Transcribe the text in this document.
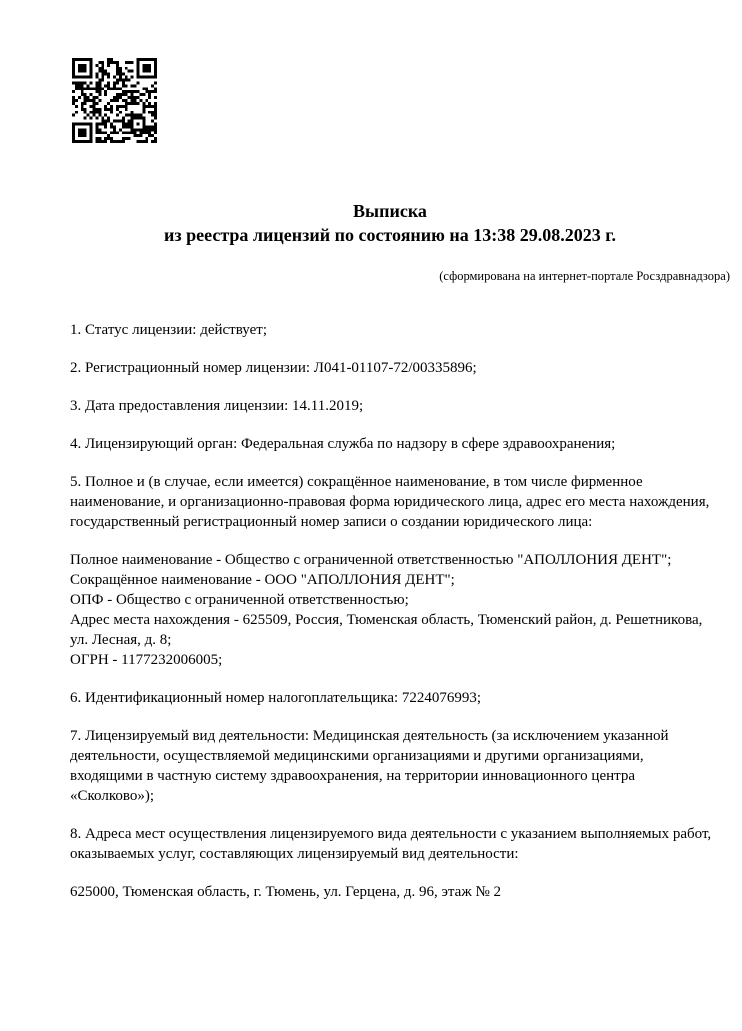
Выписка
из реестра лицензий по состоянию на 13:38 29.08.2023 г.
(сформирована на интернет-портале Росздравнадзора)

1. Статус лицензии: действует;

2. Регистрационный номер лицензии: Л041-01107-72/00335896;

3. Дата предоставления лицензии: 14.11.2019;

4. Лицензирующий орган: Федеральная служба по надзору в сфере здравоохранения;

5. Полное и (в случае, если имеется) сокращённое наименование, в том числе фирменное наименование, и организационно-правовая форма юридического лица, адрес его места нахождения, государственный регистрационный номер записи о создании юридического лица:

Полное наименование - Общество с ограниченной ответственностью "АПОЛЛОНИЯ ДЕНТ";

Сокращённое наименование - ООО "АПОЛЛОНИЯ ДЕНТ";

ОПФ - Общество с ограниченной ответственностью;

Адрес места нахождения - 625509, Россия, Тюменская область, Тюменский район, д. Решетникова, ул. Лесная, д. 8;

ОГРН - 1177232006005;

6. Идентификационный номер налогоплательщика: 7224076993;

7. Лицензируемый вид деятельности: Медицинская деятельность (за исключением указанной деятельности, осуществляемой медицинскими организациями и другими организациями, входящими в частную систему здравоохранения, на территории инновационного центра «Сколково»);

8. Адреса мест осуществления лицензируемого вида деятельности с указанием выполняемых работ, оказываемых услуг, составляющих лицензируемый вид деятельности:

625000, Тюменская область, г. Тюмень, ул. Герцена, д. 96, этаж № 2
